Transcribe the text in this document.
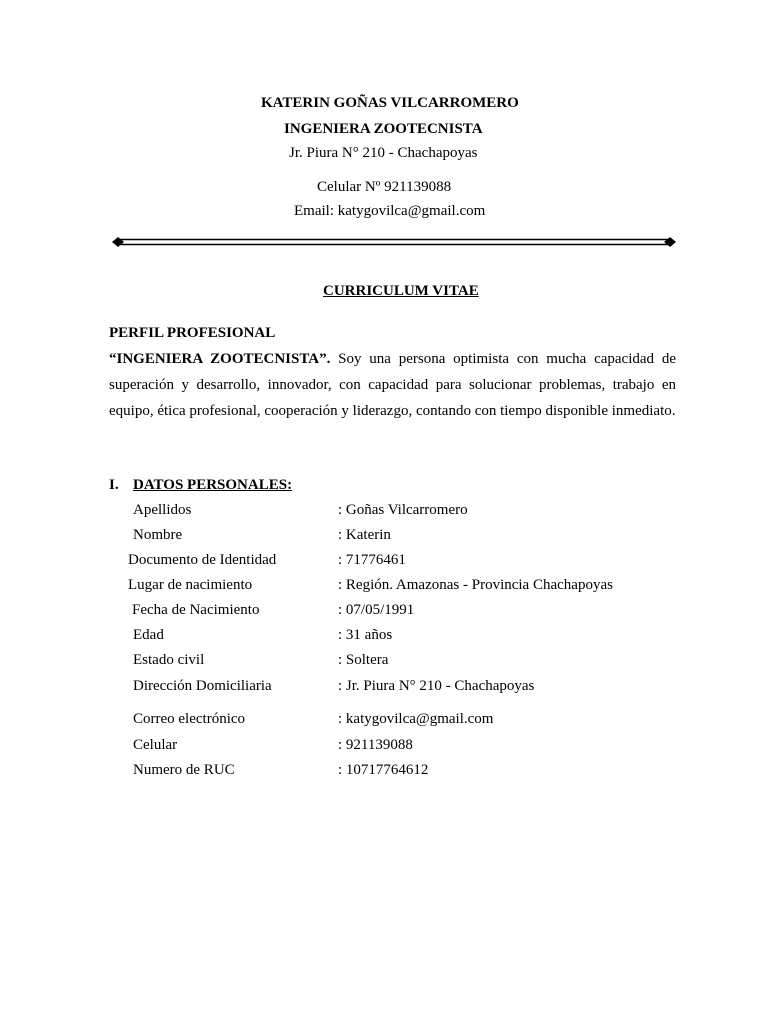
KATERIN GOÑAS VILCARROMERO
INGENIERA ZOOTECNISTA
Jr. Piura N° 210 - Chachapoyas
Celular Nº 921139088
Email: katygovilca@gmail.com
CURRICULUM VITAE
PERFIL PROFESIONAL
“INGENIERA ZOOTECNISTA”. Soy una persona optimista con mucha capacidad de superación y desarrollo, innovador, con capacidad para solucionar problemas, trabajo en equipo, ética profesional, cooperación y liderazgo, contando con tiempo disponible inmediato.
I. DATOS PERSONALES:
Apellidos	: Goñas Vilcarromero
Nombre	: Katerin
Documento de Identidad	: 71776461
Lugar de nacimiento	: Región. Amazonas - Provincia Chachapoyas
Fecha de Nacimiento	: 07/05/1991
Edad	: 31 años
Estado civil	: Soltera
Dirección Domiciliaria	: Jr. Piura N° 210 - Chachapoyas
Correo electrónico	: katygovilca@gmail.com
Celular	: 921139088
Numero de RUC	: 10717764612
